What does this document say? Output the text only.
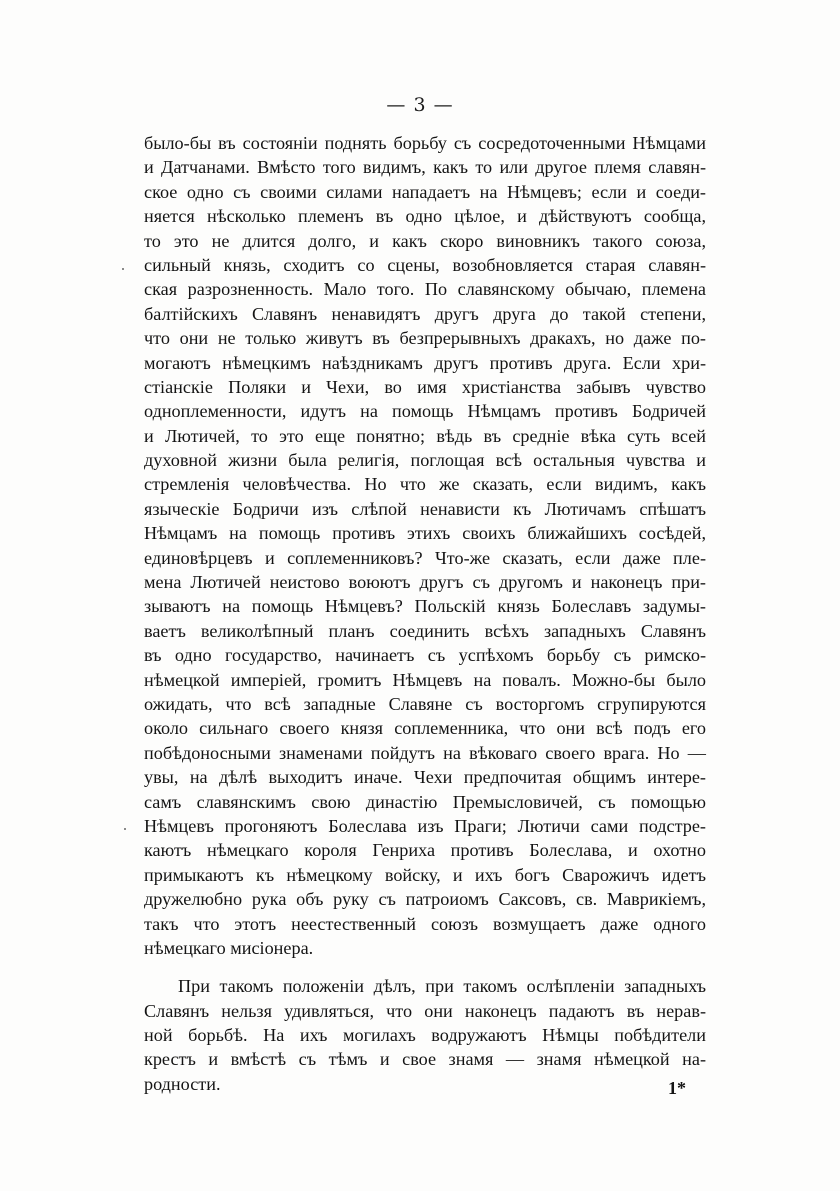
— 3 —
было-бы въ состояніи поднять борьбу съ сосредоточенными Нѣмцами
и Датчанами. Вмѣсто того видимъ, какъ то или другое племя славян-
ское одно съ своими силами нападаетъ на Нѣмцевъ; если и соеди-
няется нѣсколько племенъ въ одно цѣлое, и дѣйствуютъ сообща,
то это не длится долго, и какъ скоро виновникъ такого союза,
сильный князь, сходитъ со сцены, возобновляется старая славян-
ская разрозненность. Мало того. По славянскому обычаю, племена
балтійскихъ Славянъ ненавидятъ другъ друга до такой степени,
что они не только живутъ въ безпрерывныхъ дракахъ, но даже по-
могаютъ нѣмецкимъ наѣздникамъ другъ противъ друга. Если хри-
стіанскіе Поляки и Чехи, во имя христіанства забывъ чувство
одноплеменности, идутъ на помощь Нѣмцамъ противъ Бодричей
и Лютичей, то это еще понятно; вѣдь въ средніе вѣка суть всей
духовной жизни была религія, поглощая всѣ остальныя чувства и
стремленія человѣчества. Но что же сказать, если видимъ, какъ
языческіе Бодричи изъ слѣпой ненависти къ Лютичамъ спѣшатъ
Нѣмцамъ на помощь противъ этихъ своихъ ближайшихъ сосѣдей,
единовѣрцевъ и соплеменниковъ? Что-же сказать, если даже пле-
мена Лютичей неистово воюютъ другъ съ другомъ и наконецъ при-
зываютъ на помощь Нѣмцевъ? Польскій князь Болеславъ задумы-
ваетъ великолѣпный планъ соединить всѣхъ западныхъ Славянъ
въ одно государство, начинаетъ съ успѣхомъ борьбу съ римско-
нѣмецкой имперіей, громитъ Нѣмцевъ на повалъ. Можно-бы было
ожидать, что всѣ западные Славяне съ восторгомъ сгрупируются
около сильнаго своего князя соплеменника, что они всѣ подъ его
побѣдоносными знаменами пойдутъ на вѣковаго своего врага. Но —
увы, на дѣлѣ выходитъ иначе. Чехи предпочитая общимъ интере-
самъ славянскимъ свою династію Премысловичей, съ помощью
Нѣмцевъ прогоняютъ Болеслава изъ Праги; Лютичи сами подстре-
каютъ нѣмецкаго короля Генриха противъ Болеслава, и охотно
примыкаютъ къ нѣмецкому войску, и ихъ богъ Сварожичъ идетъ
дружелюбно рука объ руку съ патроиомъ Саксовъ, св. Маврикіемъ,
такъ что этотъ неестественный союзъ возмущаетъ даже одного
нѣмецкаго мисіонера.
При такомъ положеніи дѣлъ, при такомъ ослѣпленіи западныхъ
Славянъ нельзя удивляться, что они наконецъ падаютъ въ нерав-
ной борьбѣ. На ихъ могилахъ водружаютъ Нѣмцы побѣдители
крестъ и вмѣстѣ съ тѣмъ и свое знамя — знамя нѣмецкой на-
родности.	1*
